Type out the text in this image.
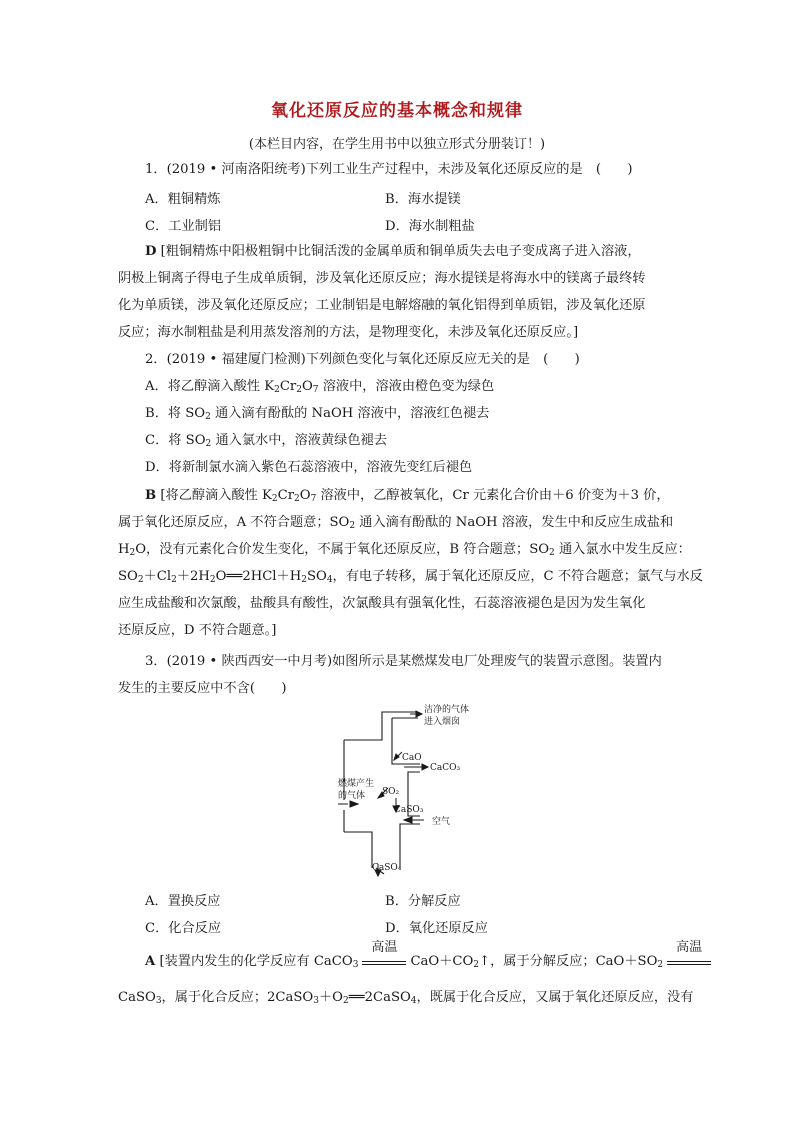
氧化还原反应的基本概念和规律
(本栏目内容，在学生用书中以独立形式分册装订！)
1．(2019 • 河南洛阳统考)下列工业生产过程中，未涉及氧化还原反应的是　(　　)
A．粗铜精炼	B．海水提镁
C．工业制铝	D．海水制粗盐
D [粗铜精炼中阳极粗铜中比铜活泼的金属单质和铜单质失去电子变成离子进入溶液，
阴极上铜离子得电子生成单质铜，涉及氧化还原反应；海水提镁是将海水中的镁离子最终转
化为单质镁，涉及氧化还原反应；工业制铝是电解熔融的氧化铝得到单质铝，涉及氧化还原
反应；海水制粗盐是利用蒸发溶剂的方法，是物理变化，未涉及氧化还原反应。]
2．(2019 • 福建厦门检测)下列颜色变化与氧化还原反应无关的是　(　　)
A．将乙醇滴入酸性 $K_2Cr_2O_7$ 溶液中，溶液由橙色变为绿色
B．将 $SO_2$ 通入滴有酚酞的 NaOH 溶液中，溶液红色褪去
C．将 $SO_2$ 通入氯水中，溶液黄绿色褪去
D．将新制氯水滴入紫色石蕊溶液中，溶液先变红后褪色
B [将乙醇滴入酸性 $K_2Cr_2O_7$ 溶液中，乙醇被氧化，Cr 元素化合价由＋6 价变为＋3 价，
属于氧化还原反应，A 不符合题意；$SO_2$ 通入滴有酚酞的 NaOH 溶液，发生中和反应生成盐和
$H_2O$，没有元素化合价发生变化，不属于氧化还原反应，B 符合题意；$SO_2$ 通入氯水中发生反应：
$SO_2+Cl_2+2H_2O══2HCl+H_2SO_4$，有电子转移，属于氧化还原反应，C 不符合题意；氯气与水反
应生成盐酸和次氯酸，盐酸具有酸性，次氯酸具有强氧化性，石蕊溶液褪色是因为发生氧化
还原反应，D 不符合题意。]
3．(2019 • 陕西西安一中月考)如图所示是某燃煤发电厂处理废气的装置示意图。装置内
发生的主要反应中不含(　　)
洁净的气体
进入烟囱
CaCO₃
CaO
燃煤产生
的气体 SO₂
CaSO₃
空气
CaSO₄
A．置换反应	B．分解反应
C．化合反应	D．氧化还原反应
A [装置内发生的化学反应有 CaCO$_3$
高温
$CaO+CO_2↑$，属于分解反应；$CaO+SO_2$
高温
CaSO$_3$，属于化合反应；$2CaSO_3+O_2══2CaSO_4$，既属于化合反应，又属于氧化还原反应，没有
